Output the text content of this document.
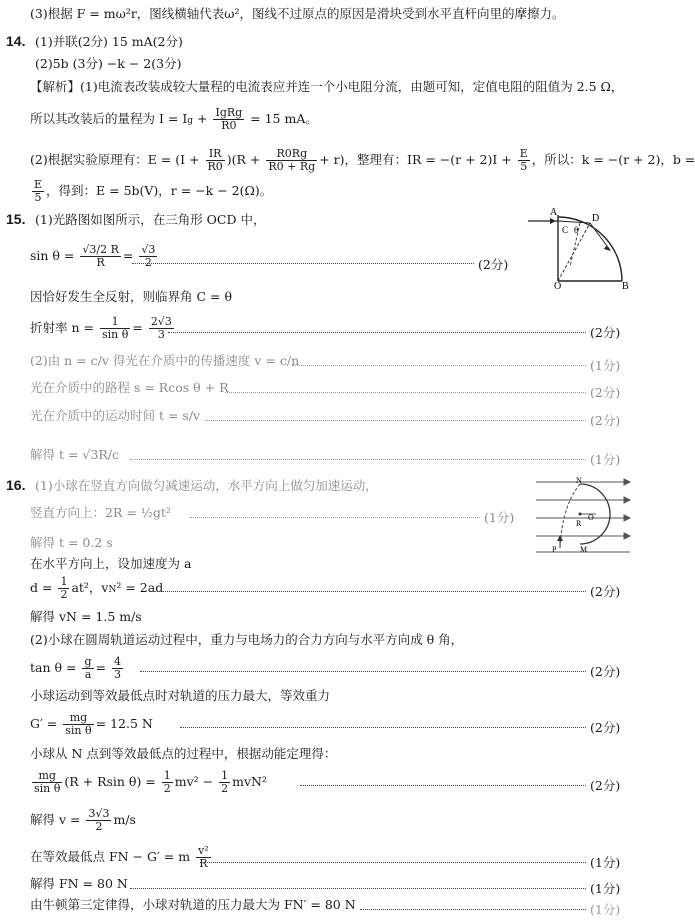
(3)根据 F = mω²r，图线横轴代表ω²，图线不过原点的原因是滑块受到水平直杆向里的摩擦力。
14. (1)并联(2分) 15 mA(2分)
(2)5b (3分) −k − 2(3分)
【解析】(1)电流表改装成较大量程的电流表应并连一个小电阻分流，由题可知，定值电阻的阻值为 2.5 Ω，
所以其改装后的量程为 $I = Ig + \frac{\text{IgRg}}{R0} = 15$ mA。
(2)根据实验原理有：$E = (I + \frac{IR}{R0} )(R + \frac{R0Rg}{R0 + Rg} + r)$，整理有：IR = $-(r + 2)I + \frac{E}{5}$ ，所以：k = −(r + 2)，b =
$\frac{E}{5}$ ，得到：E = 5b(V)，r = −k − 2(Ω)。
15. (1)光路图如图所示，在三角形 OCD 中，
$\sin \theta = \frac{√3/2 R}{R} = \frac{√3}{2}$	(2分)
因恰好发生全反射，则临界角 C = θ
折射率 $n = \frac{1}{\text{sin θ}} = \frac{2√3}{3}$	(2分)
(2)由 n = c/v 得光在介质中的传播速度 v = c/n	(1分)
光在介质中的路程 s = Rcos θ + R	(2分)
光在介质中的运动时间 t = s/v	(2分)
解得 t = √3R/c	(1分)
A
D
C θ
O	B
16. (1)小球在竖直方向做匀减速运动，水平方向上做匀加速运动，
竖直方向上：2R = ½gt²	(1分)
解得 t = 0.2 s
在水平方向上，设加速度为 a
$d = \frac{1}{2} at^2$，vN² = 2ad	(2分)
解得 vN = 1.5 m/s
(2)小球在圆周轨道运动过程中，重力与电场力的合力方向与水平方向成 θ 角，
$\tan \theta = \frac{g}{a} = \frac{4}{3}$	(2分)
小球运动到等效最低点时对轨道的压力最大，等效重力
$G' = \frac{mg}{\text{sin θ}} = 12.5$ N	(2分)
小球从 N 点到等效最低点的过程中，根据动能定理得：
$\frac{mg}{\text{sin θ}} (R + Rsin$ $\theta) = \frac{1}{2} mv^2 - \frac{1}{2} mvN^2$	(2分)
解得 $v = \frac{3√3}{2} m/s$
在等效最低点 FN − G′ = m $\frac{\text{v²}}{R}$	(1分)
解得 FN = 80 N	(1分)
由牛顿第三定律得，小球对轨道的压力最大为 FN′ = 80 N	(1分)
N
R
O
P	M
